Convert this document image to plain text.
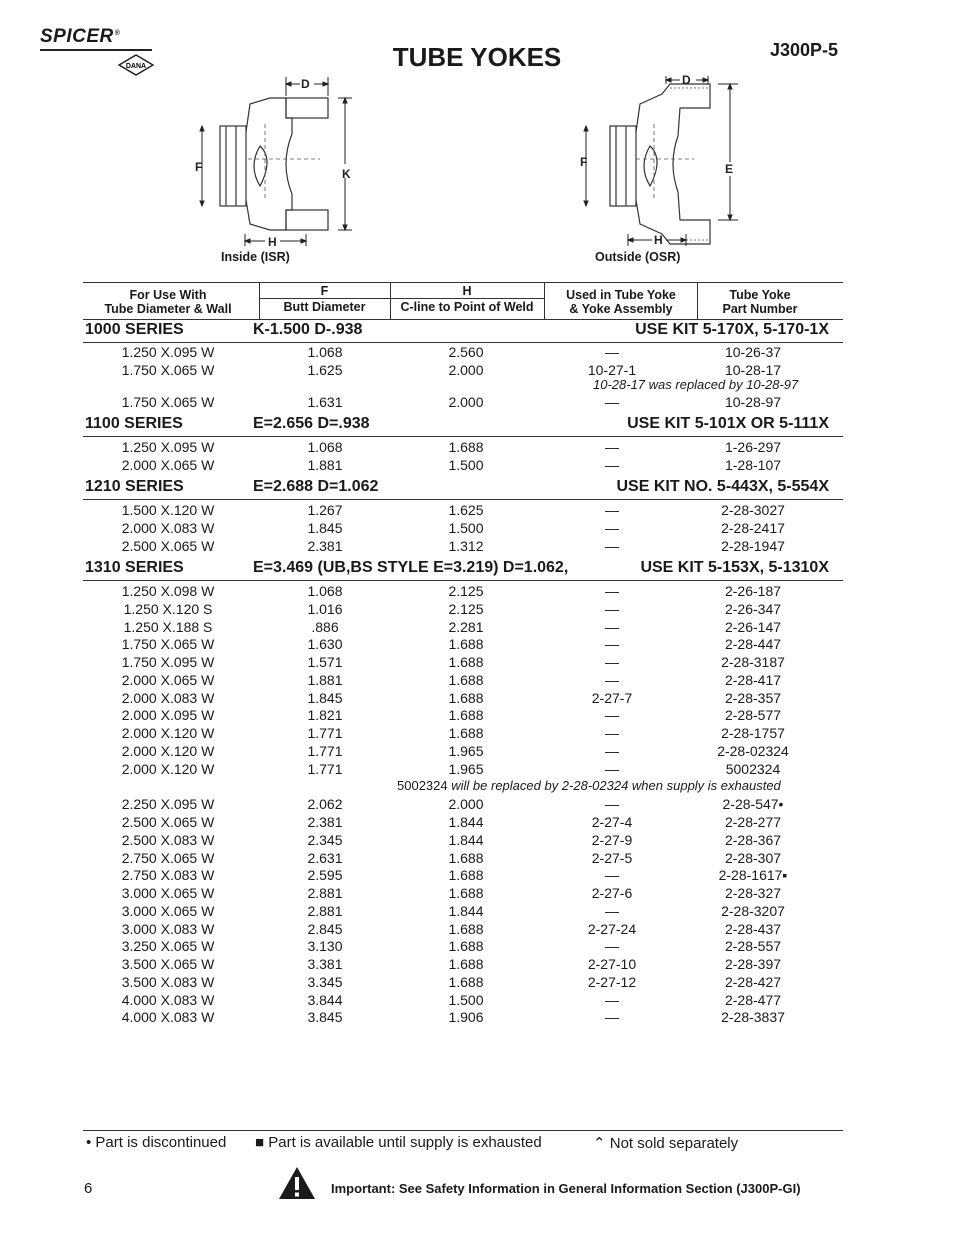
SPICER®
DANA	TUBE YOKES	J300P-5
D
F	K
H
Inside (ISR)
D
F	E
H
Outside (OSR)
For Use With
Tube Diameter & Wall
F
Butt Diameter
H
C-line to Point of Weld
Used in Tube Yoke
& Yoke Assembly
Tube Yoke
Part Number
1000 SERIES	K-1.500 D-.938	USE KIT 5-170X, 5-170-1X
1.250 X.095 W	1.068	2.560	—	10-26-37
1.750 X.065 W	1.625	2.000	10-27-1	10-28-17
10-28-17 was replaced by 10-28-97
1.750 X.065 W	1.631	2.000	—	10-28-97
1100 SERIES	E=2.656 D=.938	USE KIT 5-101X OR 5-111X
1.250 X.095 W	1.068	1.688	—	1-26-297
2.000 X.065 W	1.881	1.500	—	1-28-107
1210 SERIES	E=2.688 D=1.062	USE KIT NO. 5-443X, 5-554X
1.500 X.120 W	1.267	1.625	—	2-28-3027
2.000 X.083 W	1.845	1.500	—	2-28-2417
2.500 X.065 W	2.381	1.312	—	2-28-1947
1310 SERIES	E=3.469 (UB,BS STYLE E=3.219) D=1.062,	USE KIT 5-153X, 5-1310X
1.250 X.098 W	1.068	2.125	—	2-26-187
1.250 X.120 S	1.016	2.125	—	2-26-347
1.250 X.188 S	.886	2.281	—	2-26-147
1.750 X.065 W	1.630	1.688	—	2-28-447
1.750 X.095 W	1.571	1.688	—	2-28-3187
2.000 X.065 W	1.881	1.688	—	2-28-417
2.000 X.083 W	1.845	1.688	2-27-7	2-28-357
2.000 X.095 W	1.821	1.688	—	2-28-577
2.000 X.120 W	1.771	1.688	—	2-28-1757
2.000 X.120 W	1.771	1.965	—	2-28-02324
2.000 X.120 W	1.771	1.965	—	5002324
5002324 will be replaced by 2-28-02324 when supply is exhausted
2.250 X.095 W	2.062	2.000	—	2-28-547•
2.500 X.065 W	2.381	1.844	2-27-4	2-28-277
2.500 X.083 W	2.345	1.844	2-27-9	2-28-367
2.750 X.065 W	2.631	1.688	2-27-5	2-28-307
2.750 X.083 W	2.595	1.688	—	2-28-1617▪
3.000 X.065 W	2.881	1.688	2-27-6	2-28-327
3.000 X.065 W	2.881	1.844	—	2-28-3207
3.000 X.083 W	2.845	1.688	2-27-24	2-28-437
3.250 X.065 W	3.130	1.688	—	2-28-557
3.500 X.065 W	3.381	1.688	2-27-10	2-28-397
3.500 X.083 W	3.345	1.688	2-27-12	2-28-427
4.000 X.083 W	3.844	1.500	—	2-28-477
4.000 X.083 W	3.845	1.906	—	2-28-3837
• Part is discontinued ■ Part is available until supply is exhausted	⌃ Not sold separately
6	Important: See Safety Information in General Information Section (J300P-GI)
